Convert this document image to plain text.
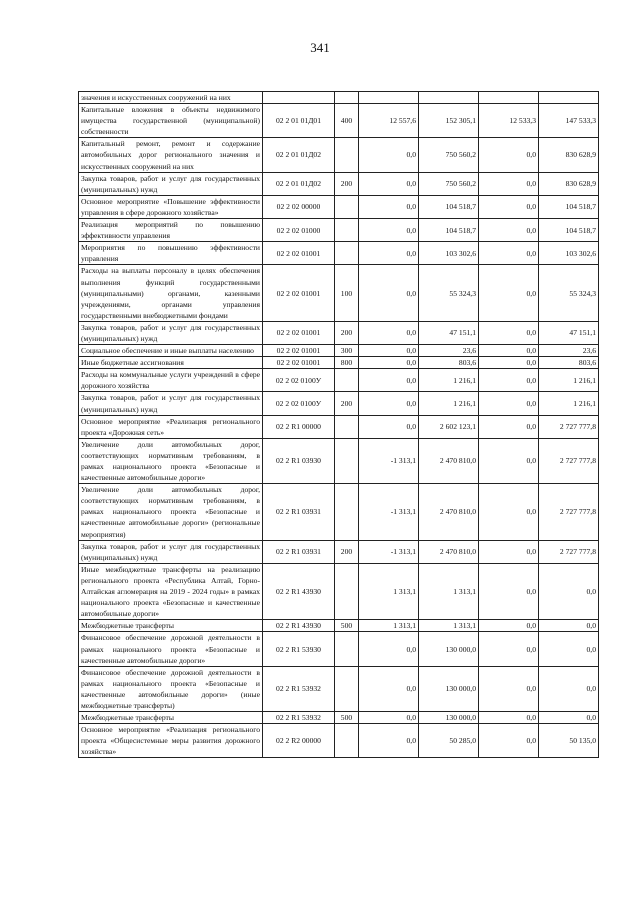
341
значения и искусственных сооружений на них						
Капитальные вложения в объекты недвижимого имущества государственной (муниципальной) собственности	02 2 01 01Д01	400	12 557,6	152 305,1	12 533,3	147 533,3
Капитальный ремонт, ремонт и содержание автомобильных дорог регионального значения и искусственных сооружений на них	02 2 01 01Д02		0,0	750 560,2	0,0	830 628,9
Закупка товаров, работ и услуг для государственных (муниципальных) нужд	02 2 01 01Д02	200	0,0	750 560,2	0,0	830 628,9
Основное мероприятие «Повышение эффективности управления в сфере дорожного хозяйства»	02 2 02 00000		0,0	104 518,7	0,0	104 518,7
Реализация мероприятий по повышению эффективности управления	02 2 02 01000		0,0	104 518,7	0,0	104 518,7
Мероприятия по повышению эффективности управления	02 2 02 01001		0,0	103 302,6	0,0	103 302,6
Расходы на выплаты персоналу в целях обеспечения выполнения функций государственными (муниципальными) органами, казенными учреждениями, органами управления государственными внебюджетными фондами	02 2 02 01001	100	0,0	55 324,3	0,0	55 324,3
Закупка товаров, работ и услуг для государственных (муниципальных) нужд	02 2 02 01001	200	0,0	47 151,1	0,0	47 151,1
Социальное обеспечение и иные выплаты населению	02 2 02 01001	300	0,0	23,6	0,0	23,6
Иные бюджетные ассигнования	02 2 02 01001	800	0,0	803,6	0,0	803,6
Расходы на коммунальные услуги учреждений в сфере дорожного хозяйства	02 2 02 0100У		0,0	1 216,1	0,0	1 216,1
Закупка товаров, работ и услуг для государственных (муниципальных) нужд	02 2 02 0100У	200	0,0	1 216,1	0,0	1 216,1
Основное мероприятие «Реализация регионального проекта «Дорожная сеть»	02 2 R1 00000		0,0	2 602 123,1	0,0	2 727 777,8
Увеличение доли автомобильных дорог, соответствующих нормативным требованиям, в рамках национального проекта «Безопасные и качественные автомобильные дороги»	02 2 R1 03930		-1 313,1	2 470 810,0	0,0	2 727 777,8
Увеличение доли автомобильных дорог, соответствующих нормативным требованиям, в рамках национального проекта «Безопасные и качественные автомобильные дороги» (региональные мероприятия)	02 2 R1 03931		-1 313,1	2 470 810,0	0,0	2 727 777,8
Закупка товаров, работ и услуг для государственных (муниципальных) нужд	02 2 R1 03931	200	-1 313,1	2 470 810,0	0,0	2 727 777,8
Иные межбюджетные трансферты на реализацию регионального проекта «Республика Алтай, Горно-Алтайская агломерация на 2019 - 2024 годы» в рамках национального проекта «Безопасные и качественные автомобильные дороги»	02 2 R1 43930		1 313,1	1 313,1	0,0	0,0
Межбюджетные трансферты	02 2 R1 43930	500	1 313,1	1 313,1	0,0	0,0
Финансовое обеспечение дорожной деятельности в рамках национального проекта «Безопасные и качественные автомобильные дороги»	02 2 R1 53930		0,0	130 000,0	0,0	0,0
Финансовое обеспечение дорожной деятельности в рамках национального проекта «Безопасные и качественные автомобильные дороги» (иные межбюджетные трансферты)	02 2 R1 53932		0,0	130 000,0	0,0	0,0
Межбюджетные трансферты	02 2 R1 53932	500	0,0	130 000,0	0,0	0,0
Основное мероприятие «Реализация регионального проекта «Общесистемные меры развития дорожного хозяйства»	02 2 R2 00000		0,0	50 285,0	0,0	50 135,0
